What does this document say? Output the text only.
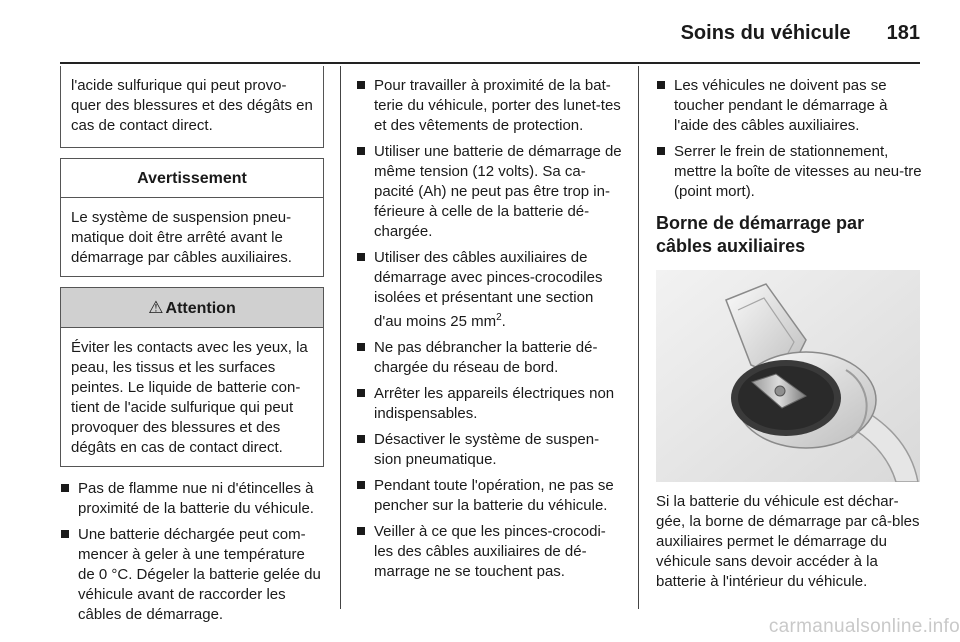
Soins du véhicule 181
l'acide sulfurique qui peut provo-quer des blessures et des dégâts en cas de contact direct.
Avertissement
Le système de suspension pneu-matique doit être arrêté avant le démarrage par câbles auxiliaires.
⚠ Attention
Éviter les contacts avec les yeux, la peau, les tissus et les surfaces peintes. Le liquide de batterie con-tient de l'acide sulfurique qui peut provoquer des blessures et des dégâts en cas de contact direct.
Pas de flamme nue ni d'étincelles à proximité de la batterie du véhicule.
Une batterie déchargée peut com-mencer à geler à une température de 0 °C. Dégeler la batterie gelée du véhicule avant de raccorder les câbles de démarrage.
Pour travailler à proximité de la bat-terie du véhicule, porter des lunet-tes et des vêtements de protection.
Utiliser une batterie de démarrage de même tension (12 volts). Sa ca-pacité (Ah) ne peut pas être trop in-férieure à celle de la batterie dé-chargée.
Utiliser des câbles auxiliaires de démarrage avec pinces-crocodiles isolées et présentant une section d'au moins 25 $mm^2$.
Ne pas débrancher la batterie dé-chargée du réseau de bord.
Arrêter les appareils électriques non indispensables.
Désactiver le système de suspen-sion pneumatique.
Pendant toute l'opération, ne pas se pencher sur la batterie du véhicule.
Veiller à ce que les pinces-crocodi-les des câbles auxiliaires de dé-marrage ne se touchent pas.
Les véhicules ne doivent pas se toucher pendant le démarrage à l'aide des câbles auxiliaires.
Serrer le frein de stationnement, mettre la boîte de vitesses au neu-tre (point mort).
Borne de démarrage par câbles auxiliaires
Si la batterie du véhicule est déchar-gée, la borne de démarrage par câ-bles auxiliaires permet le démarrage du véhicule sans devoir accéder à la batterie à l'intérieur du véhicule.
carmanualsonline.info
